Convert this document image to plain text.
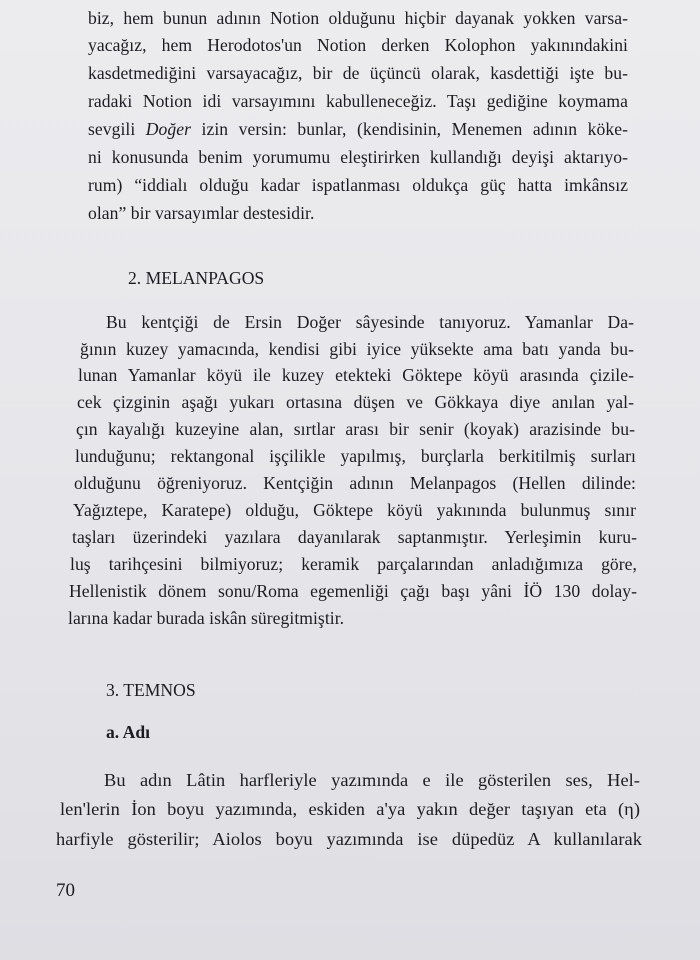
biz, hem bunun adının Notion olduğunu hiçbir dayanak yokken varsa-
yacağız, hem Herodotos'un Notion derken Kolophon yakınındakini
kasdetmediğini varsayacağız, bir de üçüncü olarak, kasdettiği işte bu-
radaki Notion idi varsayımını kabulleneceğiz. Taşı gediğine koymama
sevgili Doğer izin versin: bunlar, (kendisinin, Menemen adının köke-
ni konusunda benim yorumumu eleştirirken kullandığı deyişi aktarıyo-
rum) “iddialı olduğu kadar ispatlanması oldukça güç hatta imkânsız
olan” bir varsayımlar destesidir.
2. MELANPAGOS
Bu kentçiği de Ersin Doğer sâyesinde tanıyoruz. Yamanlar Da-
ğının kuzey yamacında, kendisi gibi iyice yüksekte ama batı yanda bu-
lunan Yamanlar köyü ile kuzey etekteki Göktepe köyü arasında çizile-
cek çizginin aşağı yukarı ortasına düşen ve Gökkaya diye anılan yal-
çın kayalığı kuzeyine alan, sırtlar arası bir senir (koyak) arazisinde bu-
lunduğunu; rektangonal işçilikle yapılmış, burçlarla berkitilmiş surları
olduğunu öğreniyoruz. Kentçiğin adının Melanpagos (Hellen dilinde:
Yağıztepe, Karatepe) olduğu, Göktepe köyü yakınında bulunmuş sınır
taşları üzerindeki yazılara dayanılarak saptanmıştır. Yerleşimin kuru-
luş tarihçesini bilmiyoruz; keramik parçalarından anladığımıza göre,
Hellenistik dönem sonu/Roma egemenliği çağı başı yâni İÖ 130 dolay-
larına kadar burada iskân süregitmiştir.
3. TEMNOS
a. Adı
Bu adın Lâtin harfleriyle yazımında e ile gösterilen ses, Hel-
len'lerin İon boyu yazımında, eskiden a'ya yakın değer taşıyan eta (η)
harfiyle gösterilir; Aiolos boyu yazımında ise düpedüz A kullanılarak
70
